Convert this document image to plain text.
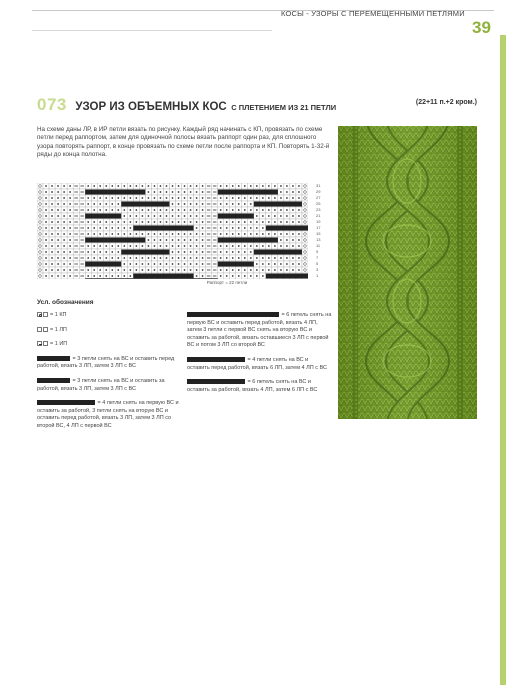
КОСЫ - УЗОРЫ С ПЕРЕМЕЩЕННЫМИ ПЕТЛЯМИ
39
073 УЗОР ИЗ ОБЪЕМНЫХ КОС С ПЛЕТЕНИЕМ ИЗ 21 ПЕТЛИ
(22+11 п.+2 кром.)

На схеме даны ЛР, в ИР петли вязать по рисунку. Каждый ряд начинать с КП, провязать по схеме петли перед раппортом, затем для одиночной полосы вязать раппорт один раз, для сплошного узора повторять раппорт, в конце провязать по схеме петли после раппорта и КП. Повторять 1-32-й ряды до конца полотна.

31
29
27
25
23
21
19
17
15
13
11
9
7
5
3
1
Раппорт = 22 петли
Усл. обозначения
= 1 КП
= 1 ЛП
= 1 ИП
= 3 петли снять на ВС и оставить перед работой, вязать 3 ЛП, затем 3 ЛП с ВС
= 3 петли снять на ВС и оставить за работой, вязать 3 ЛП, затем 3 ЛП с ВС
= 4 петли снять на первую ВС и оставить за работой, 3 петли снять на вторую ВС и оставить перед работой, вязать 3 ЛП, затем 3 ЛП со второй ВС, 4 ЛП с первой ВС
= 6 петель снять на первую ВС и оставить перед работой, вязать 4 ЛП, затем 3 петли с первой ВС снять на вторую ВС и оставить за работой, вязать оставшиеся 3 ЛП с первой ВС и потом 3 ЛП со второй ВС
= 4 петли снять на ВС и оставить перед работой, вязать 6 ЛП, затем 4 ЛП с ВС
= 6 петель снять на ВС и оставить за работой, вязать 4 ЛП, затем 6 ЛП с ВС
